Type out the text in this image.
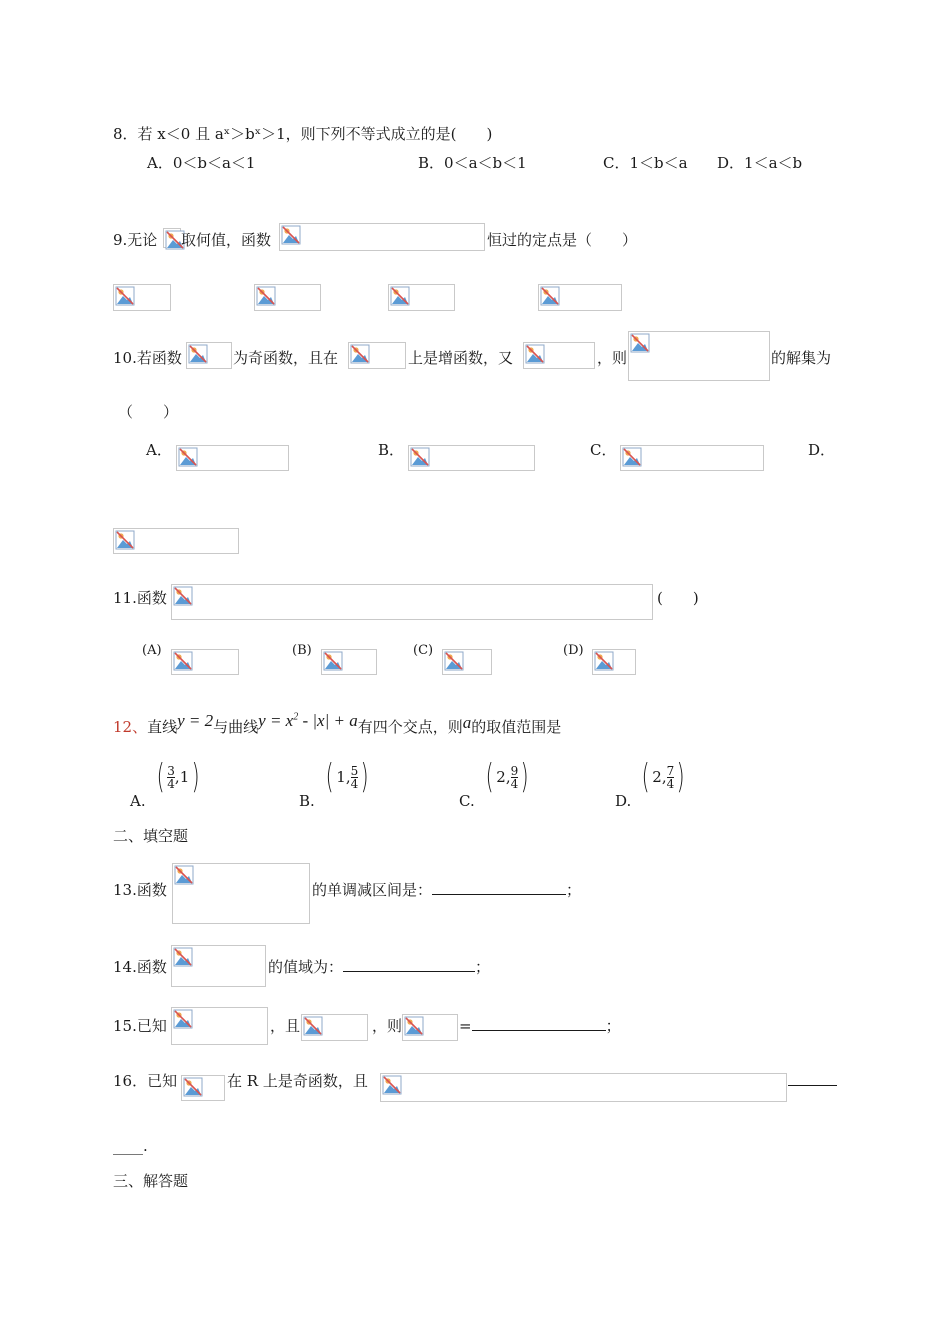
8．若 x＜0 且 aˣ＞bˣ＞1，则下列不等式成立的是(　　)
A．0＜b＜a＜1	B．0＜a＜b＜1	C．1＜b＜a D．1＜a＜b
9.无论 取何值，函数	恒过的定点是（　　）
10.若函数	为奇函数，且在	上是增函数，又	，则	的解集为
（　　）
A．	B．	C．	D．
11.函数	(　　)
(A)	(B)	(C)	(D)
12、直线y = 2与曲线$y = x^2 - |x| + a$有四个交点，则a的取值范围是
A.
( $\frac{3}{4}$ , 1 )
B.
( 1 , $\frac{5}{4}$ )
C.
( 2 , $\frac{9}{4}$ )
D.
( 2 , $\frac{7}{4}$ )
二、填空题
13.函数	的单调减区间是：	；
14.函数	的值域为：	；
15.已知	，且	，则	=	；
16．已知	在 R 上是奇函数，且
____.
三、解答题
